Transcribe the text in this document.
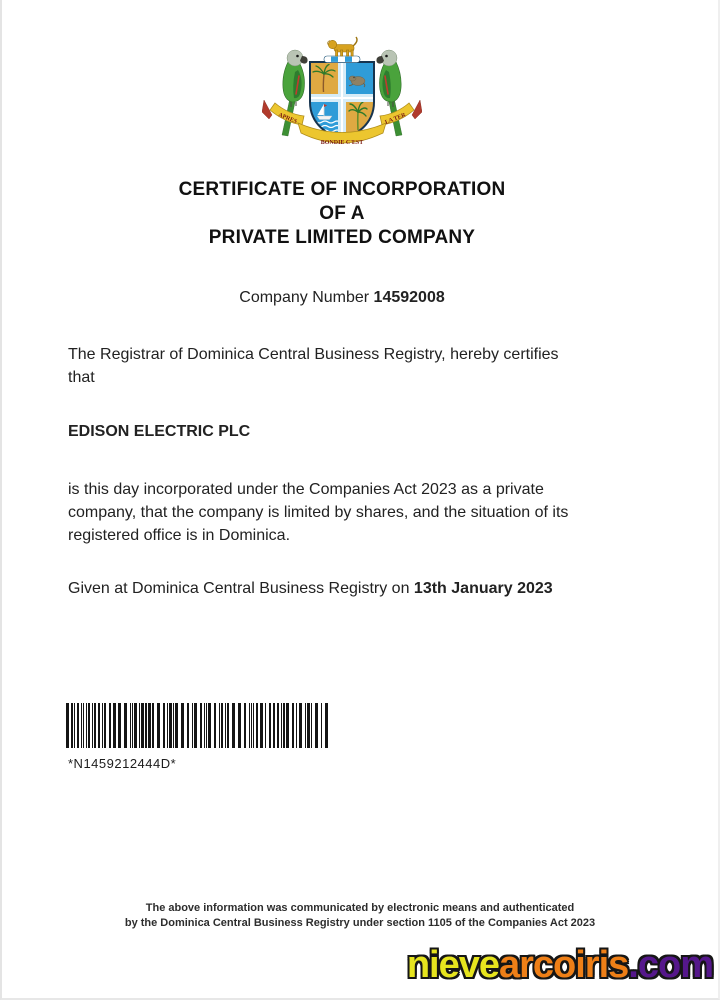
APRES
BONDIE C'EST
LA TER
CERTIFICATE OF INCORPORATION
OF A
PRIVATE LIMITED COMPANY
Company Number 14592008
The Registrar of Dominica Central Business Registry, hereby certifies
that
EDISON ELECTRIC PLC
is this day incorporated under the Companies Act 2023 as a private
company, that the company is limited by shares, and the situation of its
registered office is in Dominica.
Given at Dominica Central Business Registry on 13th January 2023
*N1459212444D*
The above information was communicated by electronic means and authenticated
by the Dominica Central Business Registry under section 1105 of the Companies Act 2023
nievearcoiris.com
